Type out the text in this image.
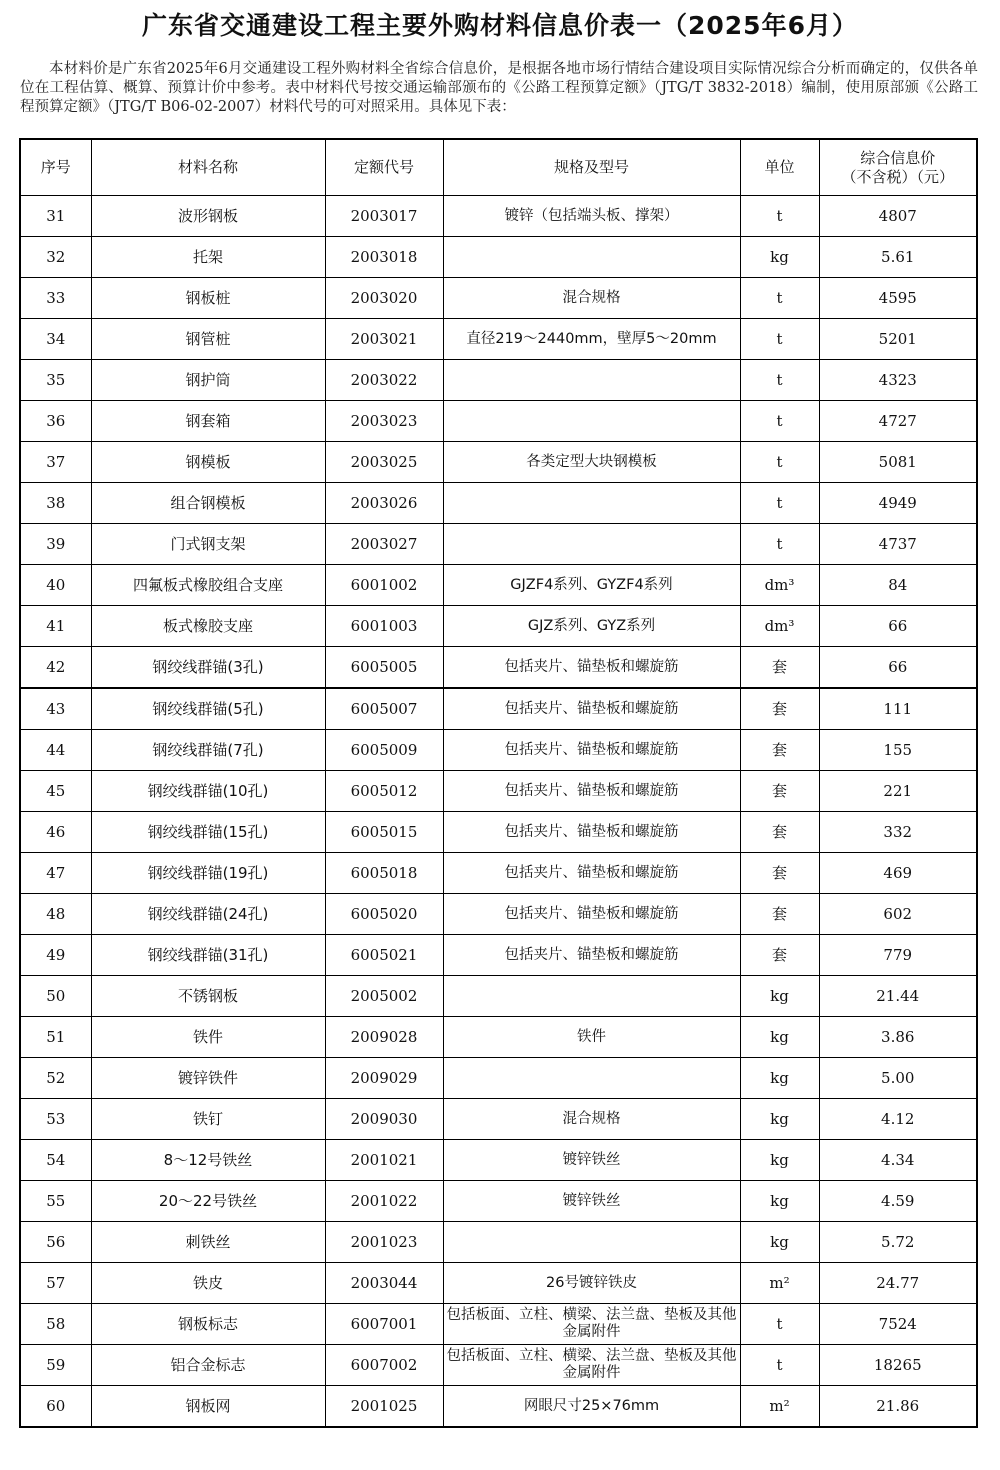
广东省交通建设工程主要外购材料信息价表一（2025年6月）
本材料价是广东省2025年6月交通建设工程外购材料全省综合信息价，是根据各地市场行情结合建设项目实际情况综合分析而确定的，仅供各单位在工程估算、概算、预算计价中参考。表中材料代号按交通运输部颁布的《公路工程预算定额》（JTG/T 3832-2018）编制，使用原部颁《公路工程预算定额》（JTG/T B06-02-2007）材料代号的可对照采用。具体见下表：
序号	材料名称	定额代号	规格及型号	单位	综合信息价
（不含税）（元）

31	波形钢板	2003017	镀锌（包括端头板、撑架）	t	4807
32	托架	2003018		kg	5.61
33	钢板桩	2003020	混合规格	t	4595
34	钢管桩	2003021	直径219～2440mm，壁厚5～20mm	t	5201
35	钢护筒	2003022		t	4323
36	钢套箱	2003023		t	4727
37	钢模板	2003025	各类定型大块钢模板	t	5081
38	组合钢模板	2003026		t	4949
39	门式钢支架	2003027		t	4737
40	四氟板式橡胶组合支座	6001002	GJZF4系列、GYZF4系列	dm³	84
41	板式橡胶支座	6001003	GJZ系列、GYZ系列	dm³	66
42	钢绞线群锚(3孔)	6005005	包括夹片、锚垫板和螺旋筋	套	66
43	钢绞线群锚(5孔)	6005007	包括夹片、锚垫板和螺旋筋	套	111
44	钢绞线群锚(7孔)	6005009	包括夹片、锚垫板和螺旋筋	套	155
45	钢绞线群锚(10孔)	6005012	包括夹片、锚垫板和螺旋筋	套	221
46	钢绞线群锚(15孔)	6005015	包括夹片、锚垫板和螺旋筋	套	332
47	钢绞线群锚(19孔)	6005018	包括夹片、锚垫板和螺旋筋	套	469
48	钢绞线群锚(24孔)	6005020	包括夹片、锚垫板和螺旋筋	套	602
49	钢绞线群锚(31孔)	6005021	包括夹片、锚垫板和螺旋筋	套	779
50	不锈钢板	2005002		kg	21.44
51	铁件	2009028	铁件	kg	3.86
52	镀锌铁件	2009029		kg	5.00
53	铁钉	2009030	混合规格	kg	4.12
54	8～12号铁丝	2001021	镀锌铁丝	kg	4.34
55	20～22号铁丝	2001022	镀锌铁丝	kg	4.59
56	刺铁丝	2001023		kg	5.72
57	铁皮	2003044	26号镀锌铁皮	m²	24.77
58	钢板标志	6007001	包括板面、立柱、横梁、法兰盘、垫板及其他金属附件	t	7524
59	铝合金标志	6007002	包括板面、立柱、横梁、法兰盘、垫板及其他金属附件	t	18265
60	钢板网	2001025	网眼尺寸25×76mm	m²	21.86
